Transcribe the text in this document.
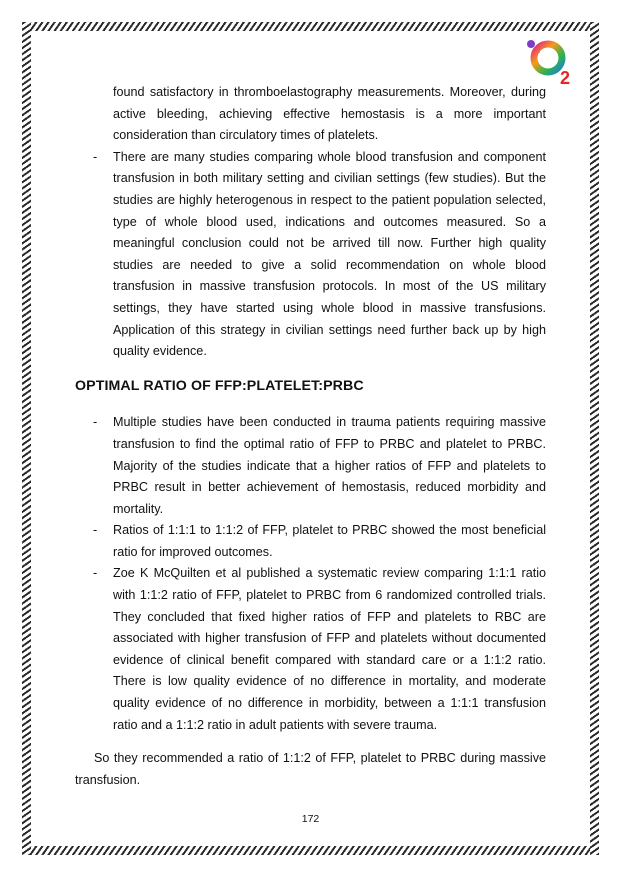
2

found satisfactory in thromboelastography measurements. Moreover, during active bleeding, achieving effective hemostasis is a more important consideration than circulatory times of platelets.

- There are many studies comparing whole blood transfusion and component transfusion in both military setting and civilian settings (few studies). But the studies are highly heterogenous in respect to the patient population selected, type of whole blood used, indications and outcomes measured. So a meaningful conclusion could not be arrived till now. Further high quality studies are needed to give a solid recommendation on whole blood transfusion in massive transfusion protocols. In most of the US military settings, they have started using whole blood in massive transfusions. Application of this strategy in civilian settings need further back up by high quality evidence.

OPTIMAL RATIO OF FFP:PLATELET:PRBC

- Multiple studies have been conducted in trauma patients requiring massive transfusion to find the optimal ratio of FFP to PRBC and platelet to PRBC. Majority of the studies indicate that a higher ratios of FFP and platelets to PRBC result in better achievement of hemostasis, reduced morbidity and mortality.

- Ratios of 1:1:1 to 1:1:2 of FFP, platelet to PRBC showed the most beneficial ratio for improved outcomes.

- Zoe K McQuilten et al published a systematic review comparing 1:1:1 ratio with 1:1:2 ratio of FFP, platelet to PRBC from 6 randomized controlled trials. They concluded that fixed higher ratios of FFP and platelets to RBC are associated with higher transfusion of FFP and platelets without documented evidence of clinical benefit compared with standard care or a 1:1:2 ratio. There is low quality evidence of no difference in mortality, and moderate quality evidence of no difference in morbidity, between a 1:1:1 transfusion ratio and a 1:1:2 ratio in adult patients with severe trauma.

So they recommended a ratio of 1:1:2 of FFP, platelet to PRBC during massive transfusion.

172
